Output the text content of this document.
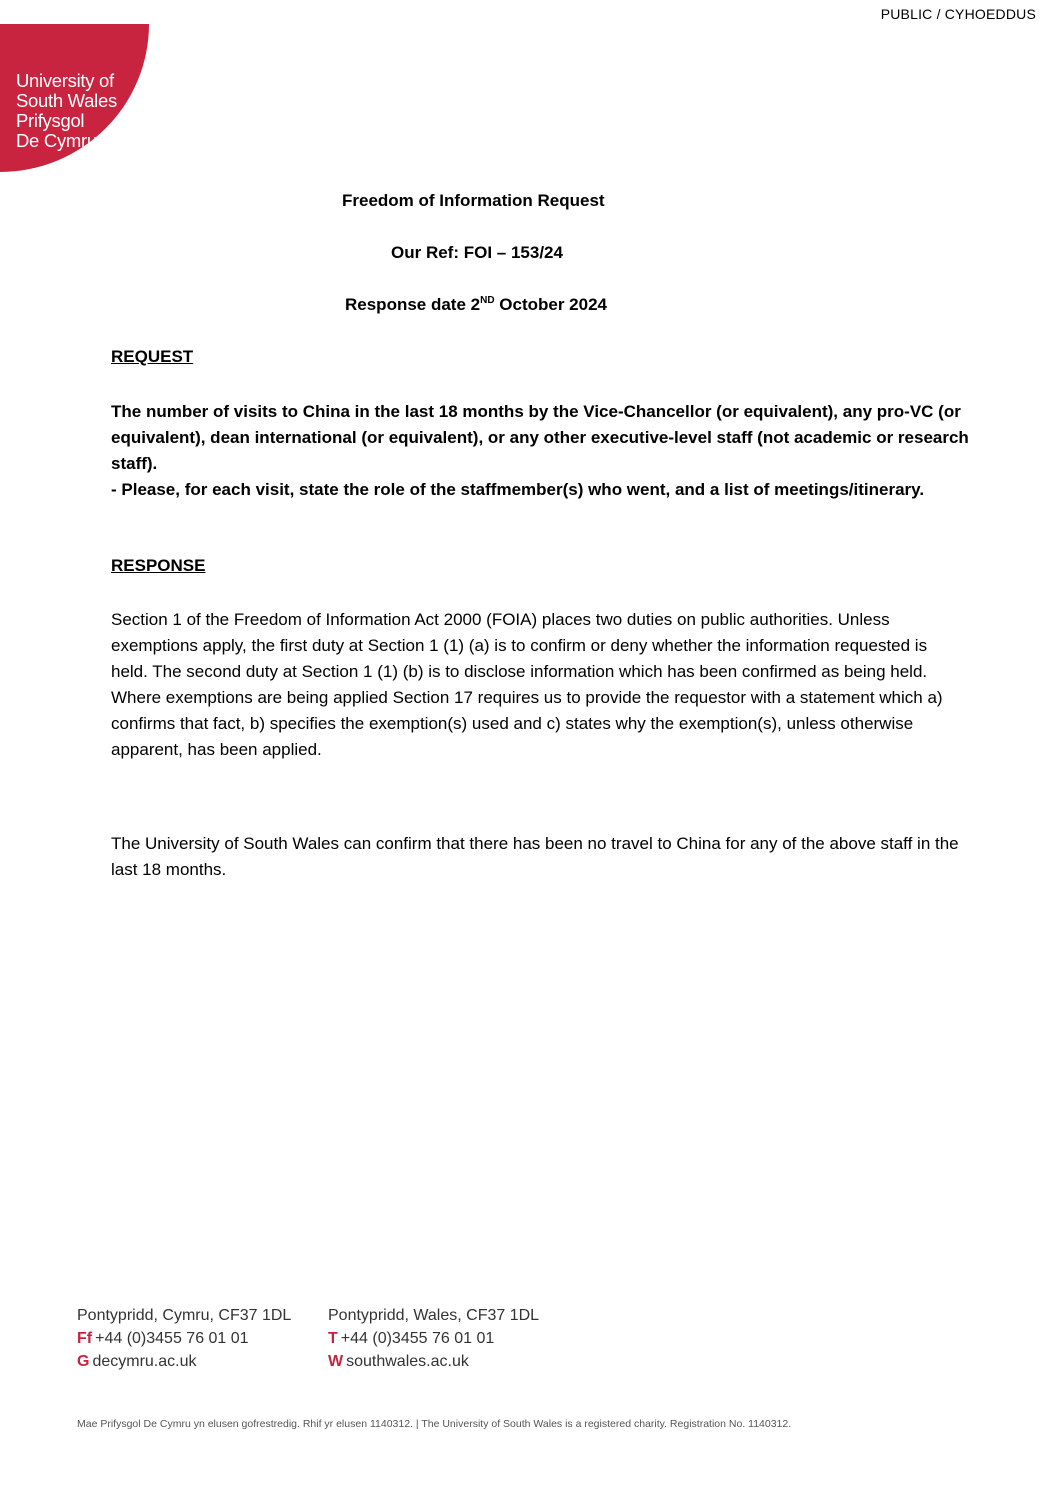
PUBLIC / CYHOEDDUS
University of
South Wales
Prifysgol
De Cymru
Freedom of Information Request
Our Ref: FOI – 153/24
Response date 2ND October 2024
REQUEST

The number of visits to China in the last 18 months by the Vice-Chancellor (or equivalent), any pro-VC (or equivalent), dean international (or equivalent), or any other executive-level staff (not academic or research staff).

- Please, for each visit, state the role of the staffmember(s) who went, and a list of meetings/itinerary.

RESPONSE
Section 1 of the Freedom of Information Act 2000 (FOIA) places two duties on public authorities. Unless exemptions apply, the first duty at Section 1 (1) (a) is to confirm or deny whether the information requested is held. The second duty at Section 1 (1) (b) is to disclose information which has been confirmed as being held. Where exemptions are being applied Section 17 requires us to provide the requestor with a statement which a) confirms that fact, b) specifies the exemption(s) used and c) states why the exemption(s), unless otherwise apparent, has been applied.
The University of South Wales can confirm that there has been no travel to China for any of the above staff in the last 18 months.
Pontypridd, Cymru, CF37 1DL
Ff +44 (0)3455 76 01 01
G decymru.ac.uk
Pontypridd, Wales, CF37 1DL
T +44 (0)3455 76 01 01
W southwales.ac.uk
Mae Prifysgol De Cymru yn elusen gofrestredig. Rhif yr elusen 1140312. | The University of South Wales is a registered charity. Registration No. 1140312.
